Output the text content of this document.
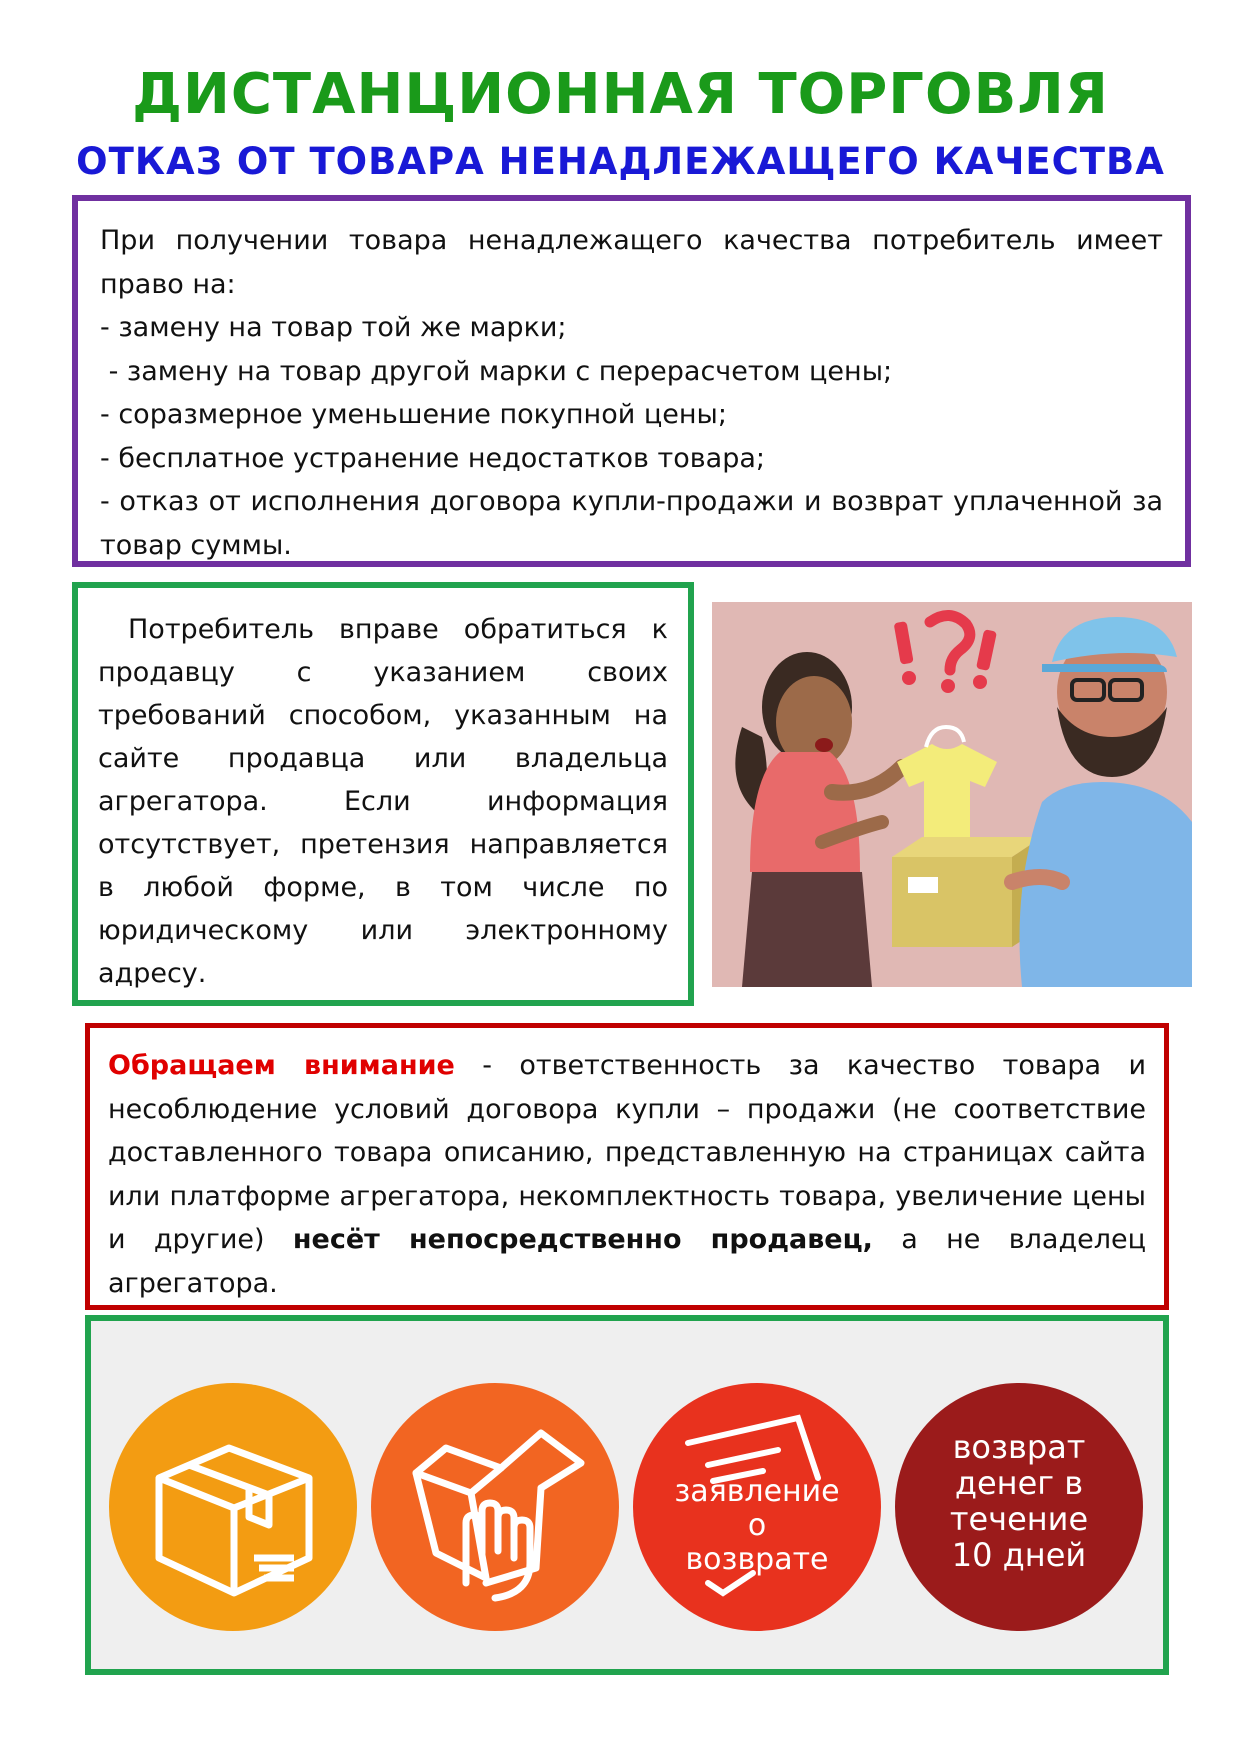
ДИСТАНЦИОННАЯ ТОРГОВЛЯ
ОТКАЗ ОТ ТОВАРА НЕНАДЛЕЖАЩЕГО КАЧЕСТВА
При получении товара ненадлежащего качества потребитель имеет право на:
- замену на товар той же марки;
- замену на товар другой марки с перерасчетом цены;
- соразмерное уменьшение покупной цены;
- бесплатное устранение недостатков товара;
- отказ от исполнения договора купли-продажи и возврат уплаченной за товар суммы.
Потребитель вправе обратиться к продавцу с указанием своих требований способом, указанным на сайте продавца или владельца агрегатора. Если информация отсутствует, претензия направляется в любой форме, в том числе по юридическому или электронному адресу.
Обращаем внимание - ответственность за качество товара и несоблюдение условий договора купли – продажи (не соответствие доставленного товара описанию, представленную на страницах сайта или платформе агрегатора, некомплектность товара, увеличение цены и другие) несёт непосредственно продавец, а не владелец агрегатора.
заявление
о
возврате
возврат
денег в
течение
10 дней
